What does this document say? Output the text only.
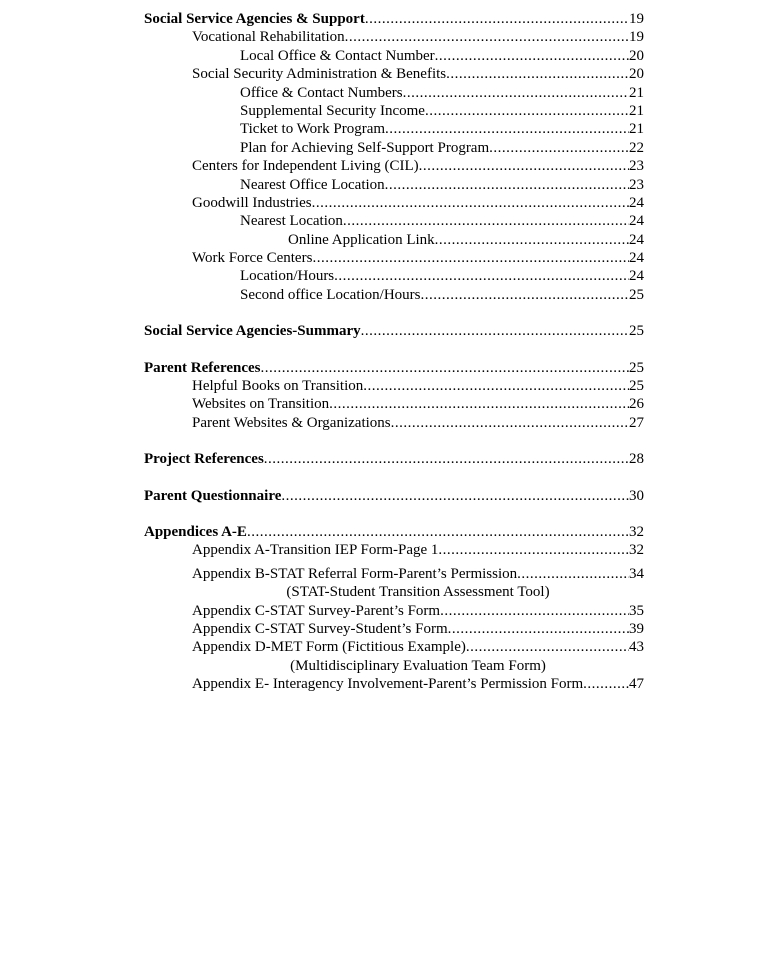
Social Service Agencies & Support .....	19
Vocational Rehabilitation .....	19
Local Office & Contact Number .....	20
Social Security Administration & Benefits .....	20
Office & Contact Numbers .....	21
Supplemental Security Income .....	21
Ticket to Work Program .....	21
Plan for Achieving Self-Support Program .....	22
Centers for Independent Living (CIL) .....	23
Nearest Office Location .....	23
Goodwill Industries .....	24
Nearest Location .....	24
Online Application Link .....	24
Work Force Centers .....	24
Location/Hours .....	24
Second office Location/Hours .....	25
Social Service Agencies-Summary .....	25
Parent References .....	25
Helpful Books on Transition .....	25
Websites on Transition .....	26
Parent Websites & Organizations .....	27
Project References .....	28
Parent Questionnaire .....	30
Appendices A-E .....	32
Appendix A-Transition IEP Form-Page 1 .....	32
Appendix B-STAT Referral Form-Parent’s Permission .....	34
(STAT-Student Transition Assessment Tool)
Appendix C-STAT Survey-Parent’s Form .....	35
Appendix C-STAT Survey-Student’s Form .....	39
Appendix D-MET Form (Fictitious Example) .....	43
(Multidisciplinary Evaluation Team Form)
Appendix E- Interagency Involvement-Parent’s Permission Form .....	47
